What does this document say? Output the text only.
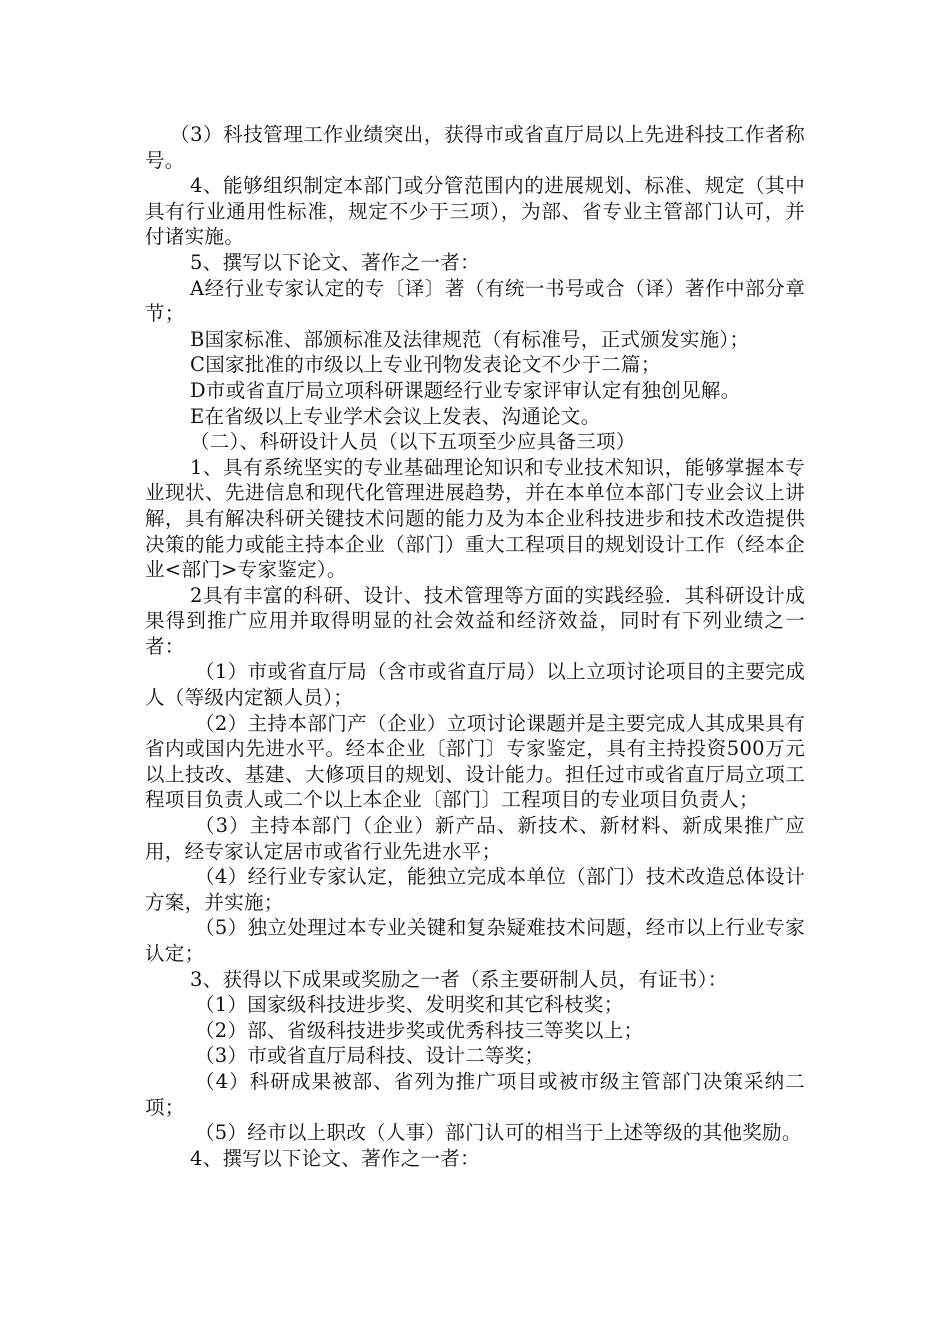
（3）科技管理工作业绩突出，获得市或省直厅局以上先进科技工作者称号。

4、能够组织制定本部门或分管范围内的进展规划、标准、规定（其中具有行业通用性标准，规定不少于三项），为部、省专业主管部门认可，并付诸实施。

5、撰写以下论文、著作之一者：

A经行业专家认定的专〔译〕著（有统一书号或合（译）著作中部分章节；

B国家标准、部颁标准及法律规范（有标准号，正式颁发实施）；

C国家批准的市级以上专业刊物发表论文不少于二篇；

D市或省直厅局立项科研课题经行业专家评审认定有独创见解。

E在省级以上专业学术会议上发表、沟通论文。

（二）、科研设计人员（以下五项至少应具备三项）

1、具有系统坚实的专业基础理论知识和专业技术知识，能够掌握本专业现状、先进信息和现代化管理进展趋势，并在本单位本部门专业会议上讲解，具有解决科研关键技术问题的能力及为本企业科技进步和技术改造提供决策的能力或能主持本企业（部门）重大工程项目的规划设计工作（经本企业<部门>专家鉴定）。

2具有丰富的科研、设计、技术管理等方面的实践经验．其科研设计成果得到推广应用并取得明显的社会效益和经济效益，同时有下列业绩之一者：

（1）市或省直厅局（含市或省直厅局）以上立项讨论项目的主要完成人（等级内定额人员）；

（2）主持本部门产（企业）立项讨论课题并是主要完成人其成果具有省内或国内先进水平。经本企业〔部门〕专家鉴定，具有主持投资500万元以上技改、基建、大修项目的规划、设计能力。担任过市或省直厅局立项工程项目负责人或二个以上本企业〔部门〕工程项目的专业项目负责人；

（3）主持本部门（企业）新产品、新技术、新材料、新成果推广应用，经专家认定居市或省行业先进水平；

（4）经行业专家认定，能独立完成本单位（部门）技术改造总体设计方案，并实施；

（5）独立处理过本专业关键和复杂疑难技术问题，经市以上行业专家认定；

3、获得以下成果或奖励之一者（系主要研制人员，有证书）：

（1）国家级科技进步奖、发明奖和其它科枝奖；

（2）部、省级科技进步奖或优秀科技三等奖以上；

（3）市或省直厅局科技、设计二等奖；

（4）科研成果被部、省列为推广项目或被市级主管部门决策采纳二项；

（5）经市以上职改（人事）部门认可的相当于上述等级的其他奖励。

4、撰写以下论文、著作之一者：
